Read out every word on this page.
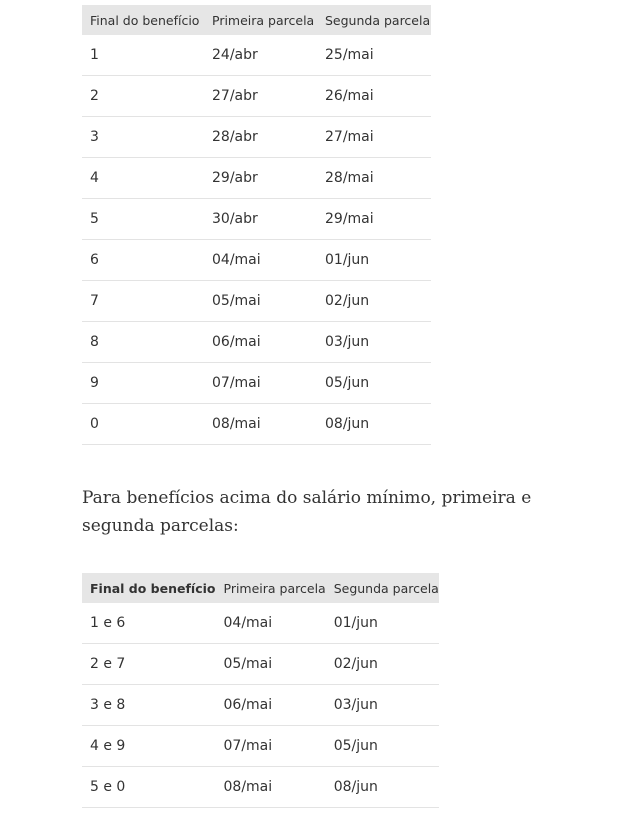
Final do benefício	Primeira parcela	Segunda parcela
1	24/abr	25/mai
2	27/abr	26/mai
3	28/abr	27/mai
4	29/abr	28/mai
5	30/abr	29/mai
6	04/mai	01/jun
7	05/mai	02/jun
8	06/mai	03/jun
9	07/mai	05/jun
0	08/mai	08/jun

Para benefícios acima do salário mínimo, primeira e segunda parcelas:

Final do benefício	Primeira parcela	Segunda parcela
1 e 6	04/mai	01/jun
2 e 7	05/mai	02/jun
3 e 8	06/mai	03/jun
4 e 9	07/mai	05/jun
5 e 0	08/mai	08/jun
